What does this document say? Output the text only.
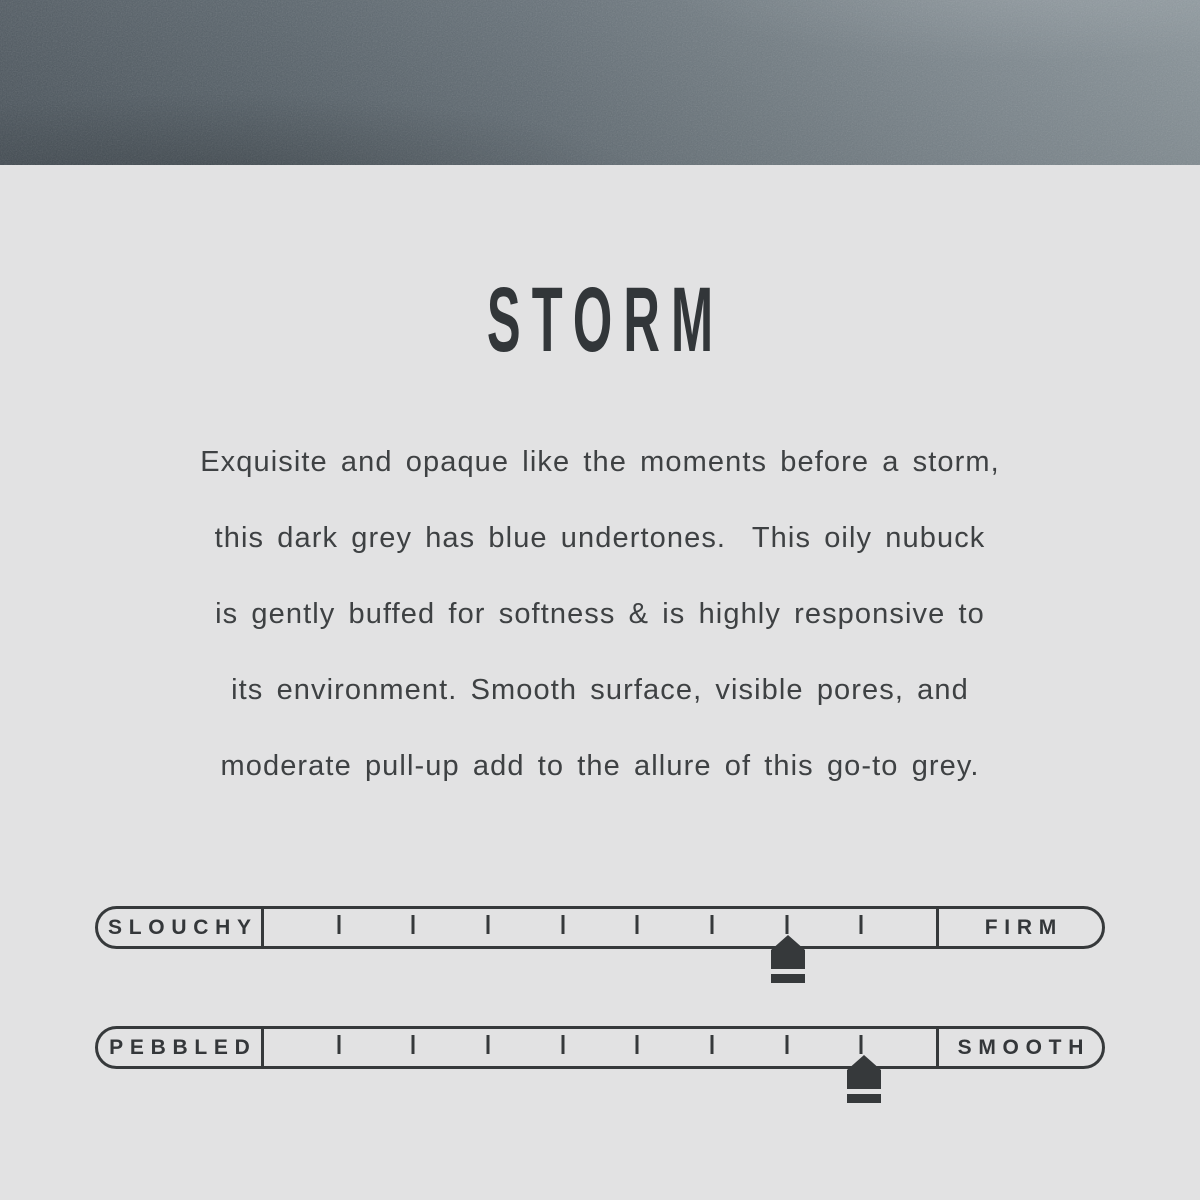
STORM
Exquisite and opaque like the moments before a storm,
this dark grey has blue undertones.  This oily nubuck
is gently buffed for softness & is highly responsive to
its environment. Smooth surface, visible pores, and
moderate pull-up add to the allure of this go-to grey.
SLOUCHY	FIRM
PEBBLED	SMOOTH
